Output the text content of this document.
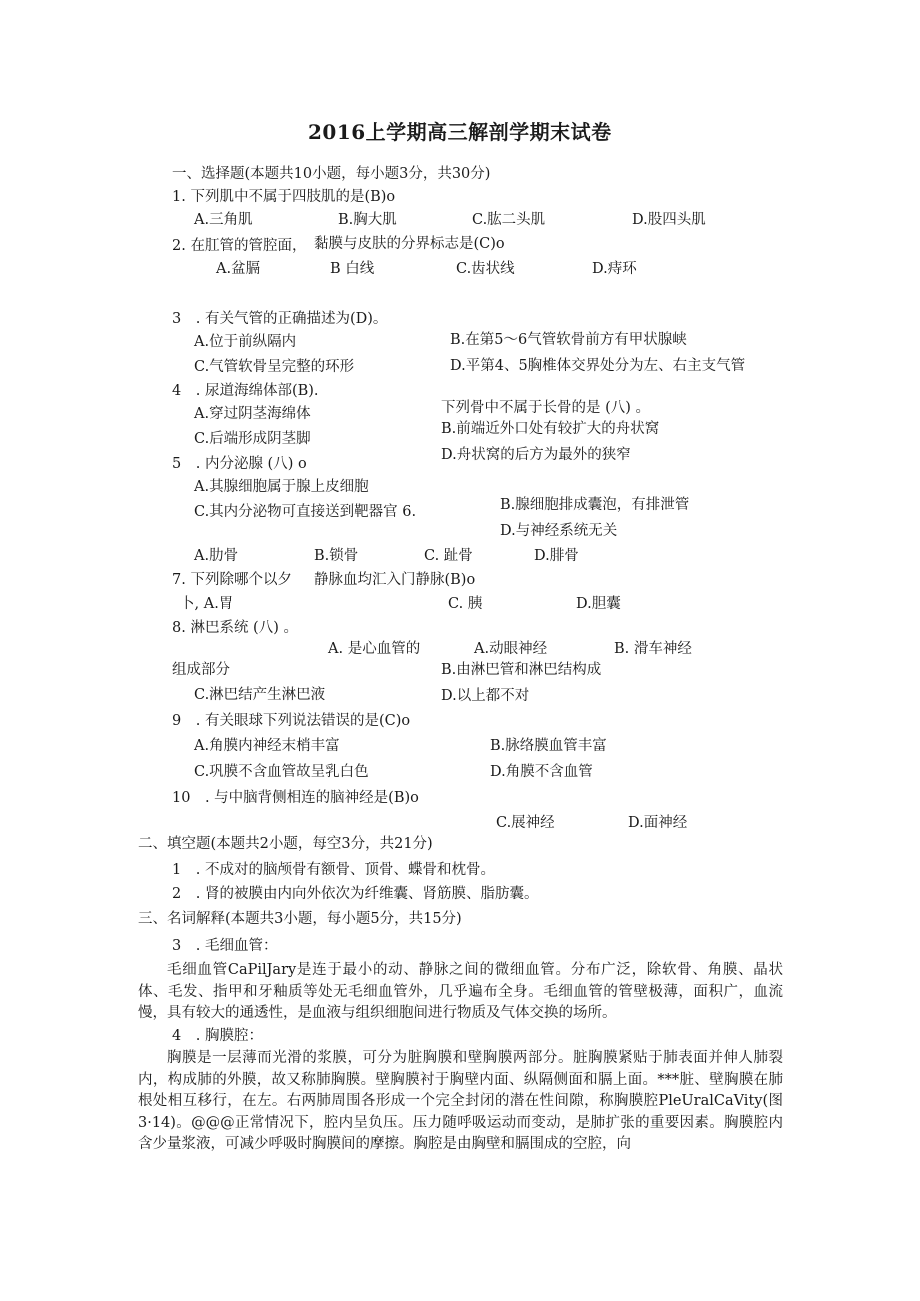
2016上学期高三解剖学期末试卷
一、选择题(本题共10小题，每小题3分，共30分)
1. 下列肌中不属于四肢肌的是(B)o
A.三角肌	B.胸大肌	C.肱二头肌	D.股四头肌
2. 在肛管的管腔面， 黏膜与皮肤的分界标志是(C)o
A.盆膈	B 白线	C.齿状线	D.痔环
3　. 有关气管的正确描述为(D)。
A.位于前纵隔内	B.在第5〜6气管软骨前方有甲状腺峡
C.气管软骨呈完整的环形	D.平第4、5胸椎体交界处分为左、右主支气管
4　. 尿道海绵体部(B).
A.穿过阴茎海绵体	下列骨中不属于长骨的是 (八) 。
B.前端近外口处有较扩大的舟状窝
C.后端形成阴茎脚
D.舟状窝的后方为最外的狭窄
5　. 内分泌腺 (八) o
A.其腺细胞属于腺上皮细胞
B.腺细胞排成囊泡，有排泄管
C.其内分泌物可直接送到靶器官 6.
D.与神经系统无关
A.肋骨	B.锁骨	C. 趾骨	D.腓骨
7. 下列除哪个以夕 静脉血均汇入门静脉(B)o
卜, A.胃	C. 胰	D.胆囊
8. 淋巴系统 (八) 。
A. 是心血管的	A.动眼神经	B. 滑车神经
组成部分	B.由淋巴管和淋巴结构成
C.淋巴结产生淋巴液	D.以上都不对
9　. 有关眼球下列说法错误的是(C)o
A.角膜内神经末梢丰富	B.脉络膜血管丰富
C.巩膜不含血管故呈乳白色	D.角膜不含血管
10　. 与中脑背侧相连的脑神经是(B)o
C.展神经	D.面神经
二、填空题(本题共2小题，每空3分，共21分)
1　. 不成对的脑颅骨有额骨、顶骨、蝶骨和枕骨。
2　. 肾的被膜由内向外依次为纤维囊、肾筋膜、脂肪囊。
三、名词解释(本题共3小题，每小题5分，共15分)
3　. 毛细血管：
毛细血管CaPilJary是连于最小的动、静脉之间的微细血管。分布广泛，除软骨、角膜、晶状体、毛发、指甲和牙釉质等处无毛细血管外，几乎遍布全身。毛细血管的管壁极薄，面积广，血流慢，具有较大的通透性，是血液与组织细胞间进行物质及气体交换的场所。
4　. 胸膜腔：
胸膜是一层薄而光滑的浆膜，可分为脏胸膜和壁胸膜两部分。脏胸膜紧贴于肺表面并伸人肺裂内，构成肺的外膜，故又称肺胸膜。壁胸膜衬于胸壁内面、纵隔侧面和膈上面。***脏、壁胸膜在肺根处相互移行，在左。右两肺周围各形成一个完全封闭的潜在性间隙，称胸膜腔PleUralCaVity(图3·14)。@@@正常情况下，腔内呈负压。压力随呼吸运动而变动，是肺扩张的重要因素。胸膜腔内含少量浆液，可减少呼吸时胸膜间的摩擦。胸腔是由胸壁和膈围成的空腔，向
